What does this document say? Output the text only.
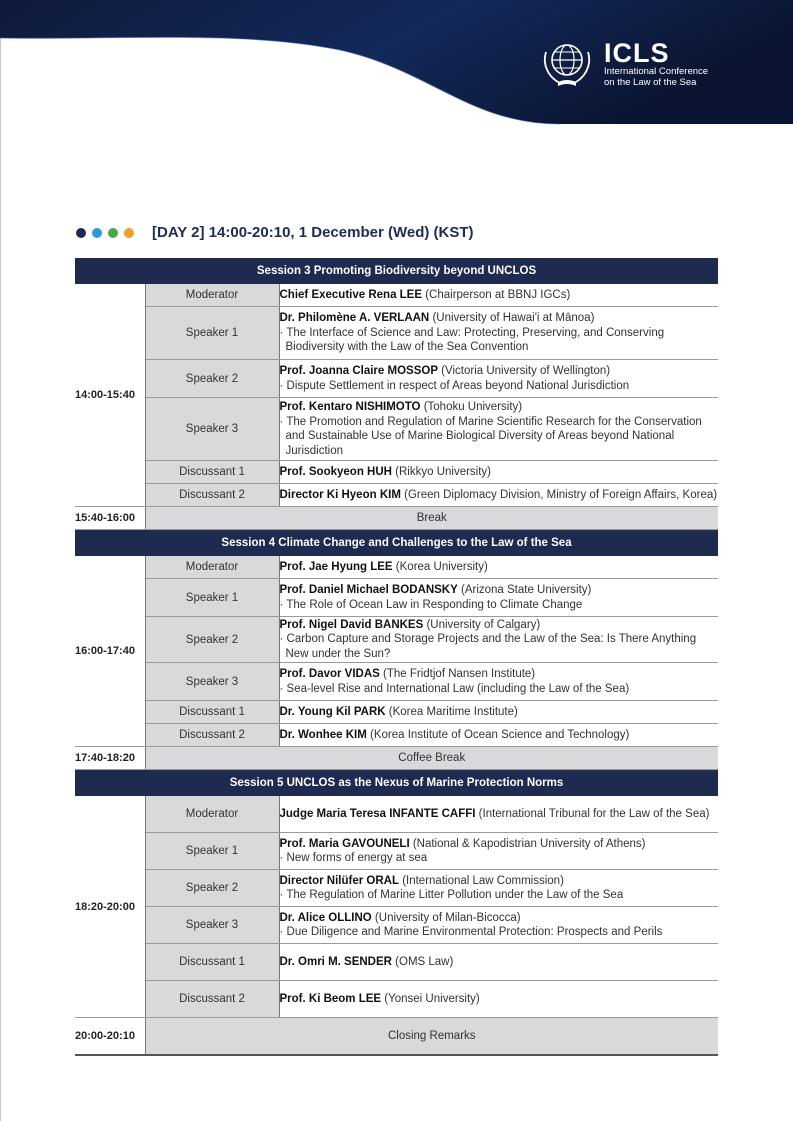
ICLS
International Conference
on the Law of the Sea
[DAY 2] 14:00-20:10, 1 December (Wed) (KST)
Session 3 Promoting Biodiversity beyond UNCLOS		
14:00-15:40	Moderator	Chief Executive Rena LEE (Chairperson at BBNJ IGCs)
	Speaker 1	Dr. Philomène A. VERLAAN (University of Hawai'i at Mānoa)
· The Interface of Science and Law: Protecting, Preserving, and Conserving Biodiversity with the Law of the Sea Convention

	Speaker 2	Prof. Joanna Claire MOSSOP (Victoria University of Wellington)
· Dispute Settlement in respect of Areas beyond National Jurisdiction

	Speaker 3	Prof. Kentaro NISHIMOTO (Tohoku University)
· The Promotion and Regulation of Marine Scientific Research for the Conservation and Sustainable Use of Marine Biological Diversity of Areas beyond National Jurisdiction

	Discussant 1	Prof. Sookyeon HUH (Rikkyo University)
	Discussant 2	Director Ki Hyeon KIM (Green Diplomacy Division, Ministry of Foreign Affairs, Korea)
15:40-16:00	Break	
Session 4 Climate Change and Challenges to the Law of the Sea		
16:00-17:40	Moderator	Prof. Jae Hyung LEE (Korea University)
	Speaker 1	Prof. Daniel Michael BODANSKY (Arizona State University)
· The Role of Ocean Law in Responding to Climate Change

	Speaker 2	Prof. Nigel David BANKES (University of Calgary)
· Carbon Capture and Storage Projects and the Law of the Sea: Is There Anything New under the Sun?

	Speaker 3	Prof. Davor VIDAS (The Fridtjof Nansen Institute)
· Sea-level Rise and International Law (including the Law of the Sea)

	Discussant 1	Dr. Young Kil PARK (Korea Maritime Institute)
	Discussant 2	Dr. Wonhee KIM (Korea Institute of Ocean Science and Technology)
17:40-18:20	Coffee Break	
Session 5 UNCLOS as the Nexus of Marine Protection Norms		
18:20-20:00	Moderator	Judge Maria Teresa INFANTE CAFFI (International Tribunal for the Law of the Sea)
	Speaker 1	Prof. Maria GAVOUNELI (National & Kapodistrian University of Athens)
· New forms of energy at sea

	Speaker 2	Director Nilüfer ORAL (International Law Commission)
· The Regulation of Marine Litter Pollution under the Law of the Sea

	Speaker 3	Dr. Alice OLLINO (University of Milan-Bicocca)
· Due Diligence and Marine Environmental Protection: Prospects and Perils

	Discussant 1	Dr. Omri M. SENDER (OMS Law)
	Discussant 2	Prof. Ki Beom LEE (Yonsei University)
20:00-20:10	Closing Remarks	
